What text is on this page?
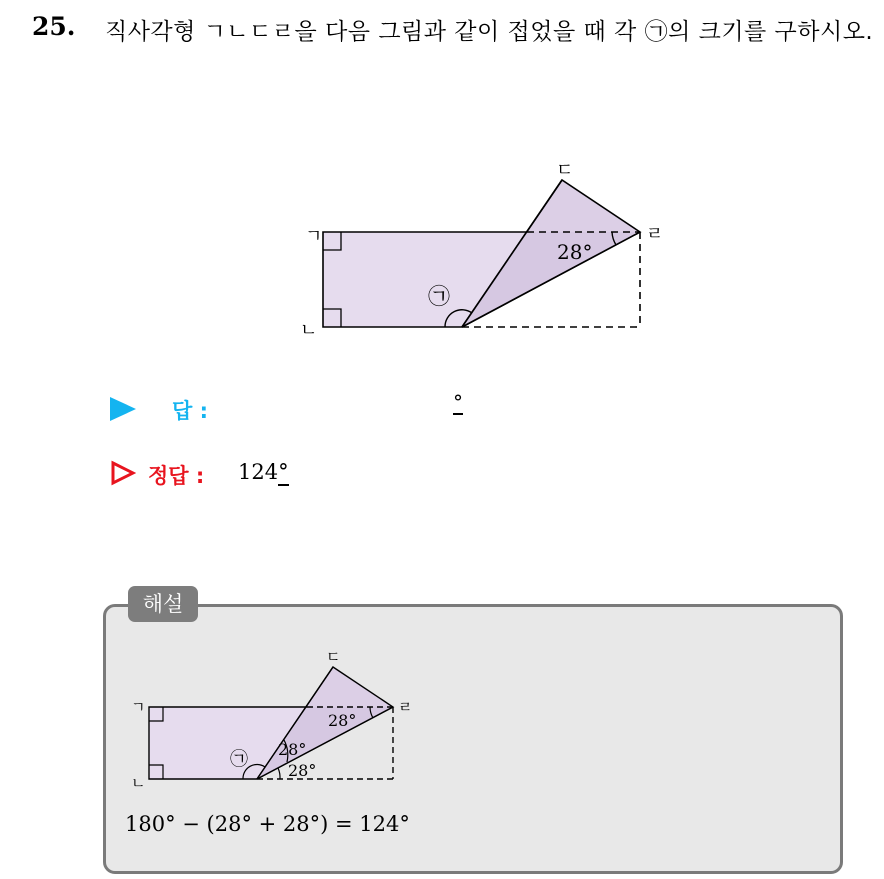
25. 직사각형 ㄱㄴㄷㄹ을 다음 그림과 같이 접었을 때 각 ㉠의 크기를 구하시오.
ㄱ
ㄴ
ㄷ
ㄹ
28°
㉠
답 :	°
정답 : 124°
해설
ㄱ
ㄴ
ㄷ
ㄹ
㉠
28°
28°
28°
180° − (28° + 28°) = 124°
